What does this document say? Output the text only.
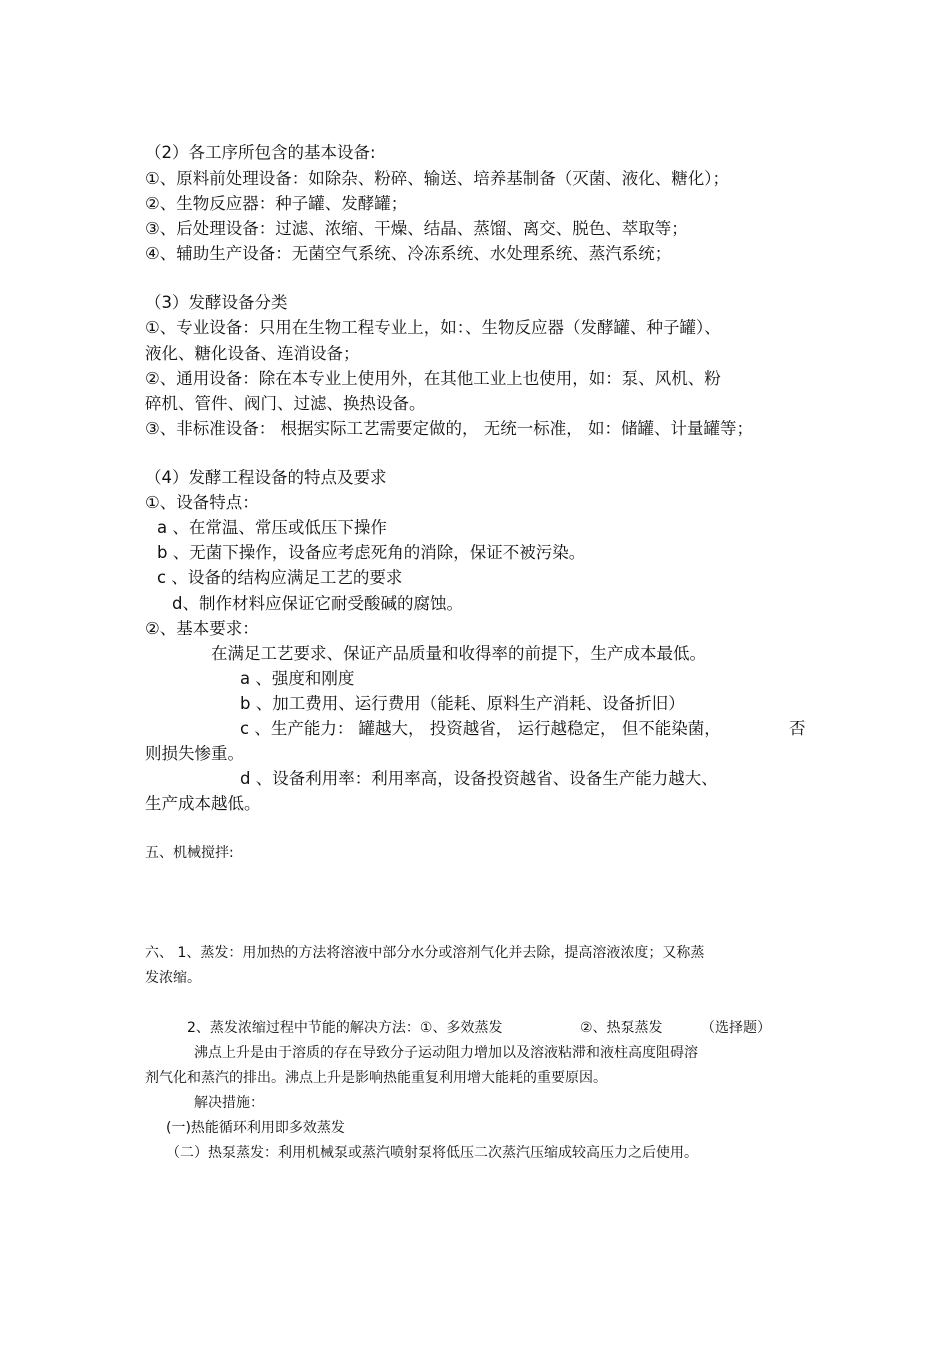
（2）各工序所包含的基本设备:
①、原料前处理设备：如除杂、粉碎、输送、培养基制备（灭菌、液化、糖化）；
②、生物反应器：种子罐、发酵罐；
③、后处理设备：过滤、浓缩、干燥、结晶、蒸馏、离交、脱色、萃取等；
④、辅助生产设备：无菌空气系统、冷冻系统、水处理系统、蒸汽系统；
（3）发酵设备分类
①、专业设备：只用在生物工程专业上，如：、生物反应器（发酵罐、种子罐）、
液化、糖化设备、连消设备；
②、通用设备：除在本专业上使用外，在其他工业上也使用，如：泵、风机、粉
碎机、管件、阀门、过滤、换热设备。
③、非标准设备： 根据实际工艺需要定做的， 无统一标准， 如：储罐、计量罐等；
（4）发酵工程设备的特点及要求
①、设备特点：
a 、在常温、常压或低压下操作
b 、无菌下操作，设备应考虑死角的消除，保证不被污染。
c 、设备的结构应满足工艺的要求
d、制作材料应保证它耐受酸碱的腐蚀。
②、基本要求：
在满足工艺要求、保证产品质量和收得率的前提下，生产成本最低。
a 、强度和刚度
b 、加工费用、运行费用（能耗、原料生产消耗、设备折旧）
c 、生产能力： 罐越大， 投资越省， 运行越稳定， 但不能染菌，	否
则损失惨重。
d 、设备利用率：利用率高，设备投资越省、设备生产能力越大、
生产成本越低。
五、机械搅拌:
六、 1、蒸发：用加热的方法将溶液中部分水分或溶剂气化并去除，提高溶液浓度；又称蒸
发浓缩。
2、蒸发浓缩过程中节能的解决方法：①、多效蒸发	②、热泵蒸发	（选择题）
沸点上升是由于溶质的存在导致分子运动阻力增加以及溶液粘滞和液柱高度阻碍溶
剂气化和蒸汽的排出。沸点上升是影响热能重复利用增大能耗的重要原因。
解决措施：
(一)热能循环利用即多效蒸发
（二）热泵蒸发：利用机械泵或蒸汽喷射泵将低压二次蒸汽压缩成较高压力之后使用。
